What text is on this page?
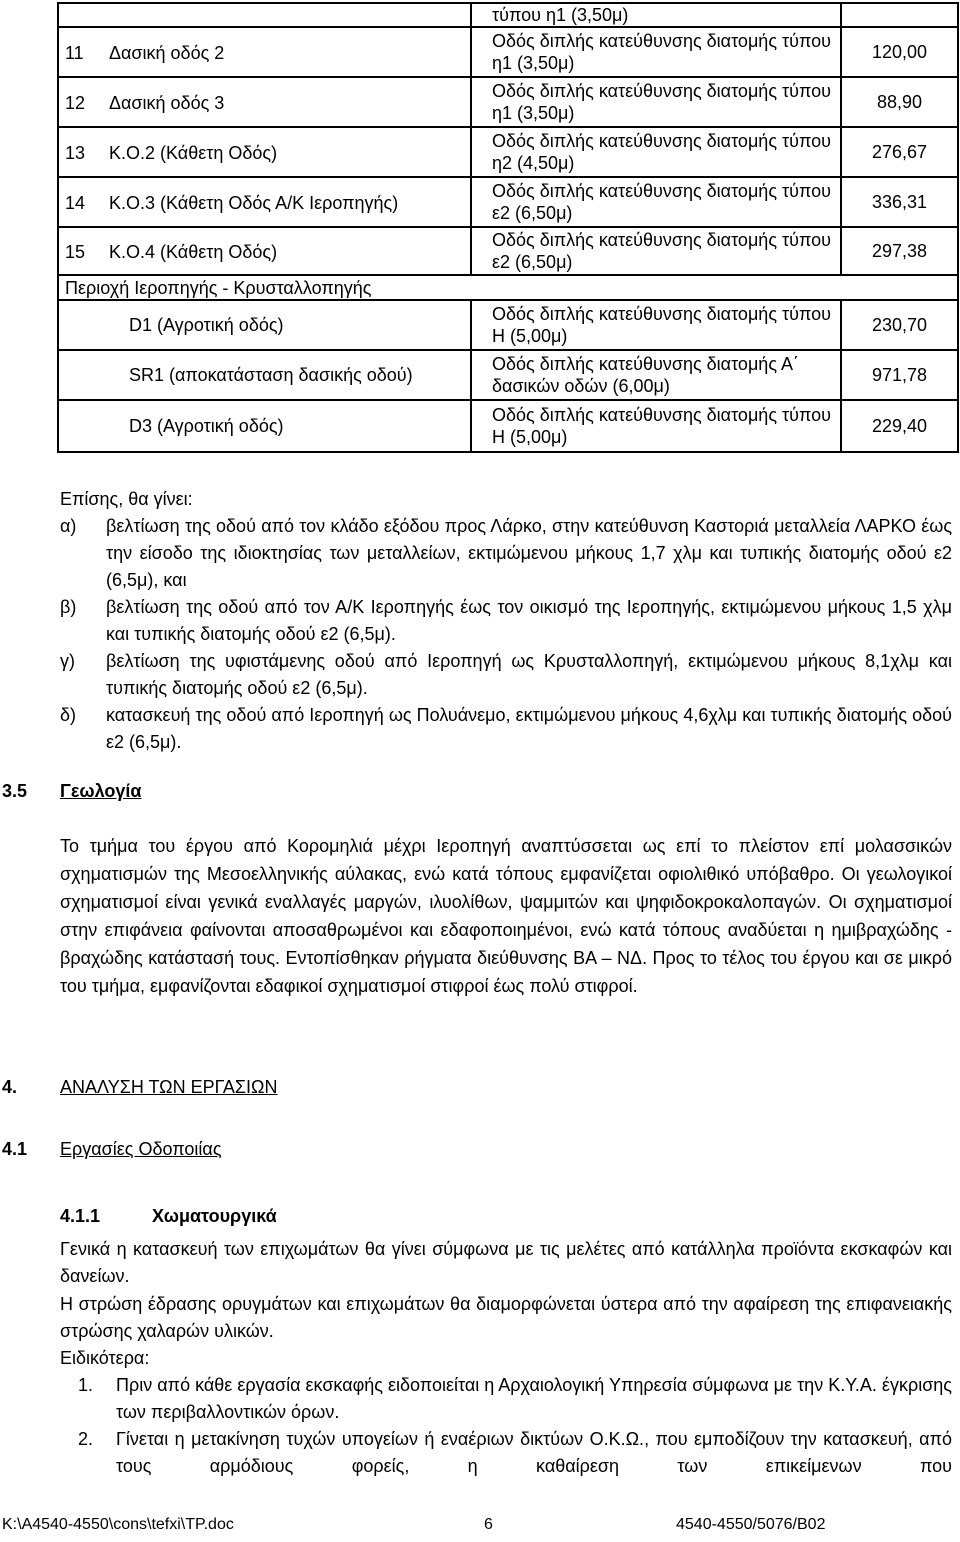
	τύπου η1 (3,50μ)	
11 Δασική οδός 2	Οδός διπλής κατεύθυνσης διατομής τύπου η1 (3,50μ)	120,00
12 Δασική οδός 3	Οδός διπλής κατεύθυνσης διατομής τύπου η1 (3,50μ)	88,90
13 Κ.Ο.2 (Κάθετη Οδός)	Οδός διπλής κατεύθυνσης διατομής τύπου η2 (4,50μ)	276,67
14 Κ.Ο.3 (Κάθετη Οδός Α/Κ Ιεροπηγής)	Οδός διπλής κατεύθυνσης διατομής τύπου ε2 (6,50μ)	336,31
15 Κ.Ο.4 (Κάθετη Οδός)	Οδός διπλής κατεύθυνσης διατομής τύπου ε2 (6,50μ)	297,38
Περιοχή Ιεροπηγής - Κρυσταλλοπηγής		

D1 (Αγροτική οδός)	Οδός διπλής κατεύθυνσης διατομής τύπου Η (5,00μ)	230,70

SR1 (αποκατάσταση δασικής οδού)	Οδός διπλής κατεύθυνσης διατομής Α΄ δασικών οδών (6,00μ)	971,78

D3 (Αγροτική οδός)	Οδός διπλής κατεύθυνσης διατομής τύπου Η (5,00μ)	229,40
Επίσης, θα γίνει:
α) βελτίωση της οδού από τον κλάδο εξόδου προς Λάρκο, στην κατεύθυνση Καστοριά μεταλλεία ΛΑΡΚΟ έως την είσοδο της ιδιοκτησίας των μεταλλείων, εκτιμώμενου μήκους 1,7 χλμ και τυπικής διατομής οδού ε2 (6,5μ), και
β) βελτίωση της οδού από τον Α/Κ Ιεροπηγής έως τον οικισμό της Ιεροπηγής, εκτιμώμενου μήκους 1,5 χλμ και τυπικής διατομής οδού ε2 (6,5μ).
γ) βελτίωση της υφιστάμενης οδού από Ιεροπηγή ως Κρυσταλλοπηγή, εκτιμώμενου μήκους 8,1χλμ και τυπικής διατομής οδού ε2 (6,5μ).
δ) κατασκευή της οδού από Ιεροπηγή ως Πολυάνεμο, εκτιμώμενου μήκους 4,6χλμ και τυπικής διατομής οδού ε2 (6,5μ).
3.5 Γεωλογία
Το τμήμα του έργου από Κορομηλιά μέχρι Ιεροπηγή αναπτύσσεται ως επί το πλείστον επί μολασσικών σχηματισμών της Μεσοελληνικής αύλακας, ενώ κατά τόπους εμφανίζεται οφιολιθικό υπόβαθρο. Οι γεωλογικοί σχηματισμοί είναι γενικά εναλλαγές μαργών, ιλυολίθων, ψαμμιτών και ψηφιδοκροκαλοπαγών. Οι σχηματισμοί στην επιφάνεια φαίνονται αποσαθρωμένοι και εδαφοποιημένοι, ενώ κατά τόπους αναδύεται η ημιβραχώδης - βραχώδης κατάστασή τους. Εντοπίσθηκαν ρήγματα διεύθυνσης ΒΑ – ΝΔ. Προς το τέλος του έργου και σε μικρό του τμήμα, εμφανίζονται εδαφικοί σχηματισμοί στιφροί έως πολύ στιφροί.
4. ΑΝΑΛΥΣΗ ΤΩΝ ΕΡΓΑΣΙΩΝ
4.1 Εργασίες Οδοποιίας
4.1.1	Χωματουργικά
Γενικά η κατασκευή των επιχωμάτων θα γίνει σύμφωνα με τις μελέτες από κατάλληλα προϊόντα εκσκαφών και δανείων.
Η στρώση έδρασης ορυγμάτων και επιχωμάτων θα διαμορφώνεται ύστερα από την αφαίρεση της επιφανειακής στρώσης χαλαρών υλικών.
Ειδικότερα:
1. Πριν από κάθε εργασία εκσκαφής ειδοποιείται η Αρχαιολογική Υπηρεσία σύμφωνα με την Κ.Υ.Α. έγκρισης των περιβαλλοντικών όρων.
2. Γίνεται η μετακίνηση τυχών υπογείων ή εναέριων δικτύων Ο.Κ.Ω., που εμποδίζουν την κατασκευή, από τους αρμόδιους φορείς, η καθαίρεση των επικείμενων που
K:\A4540-4550\cons\tefxi\TP.doc	6	4540-4550/5076/B02
